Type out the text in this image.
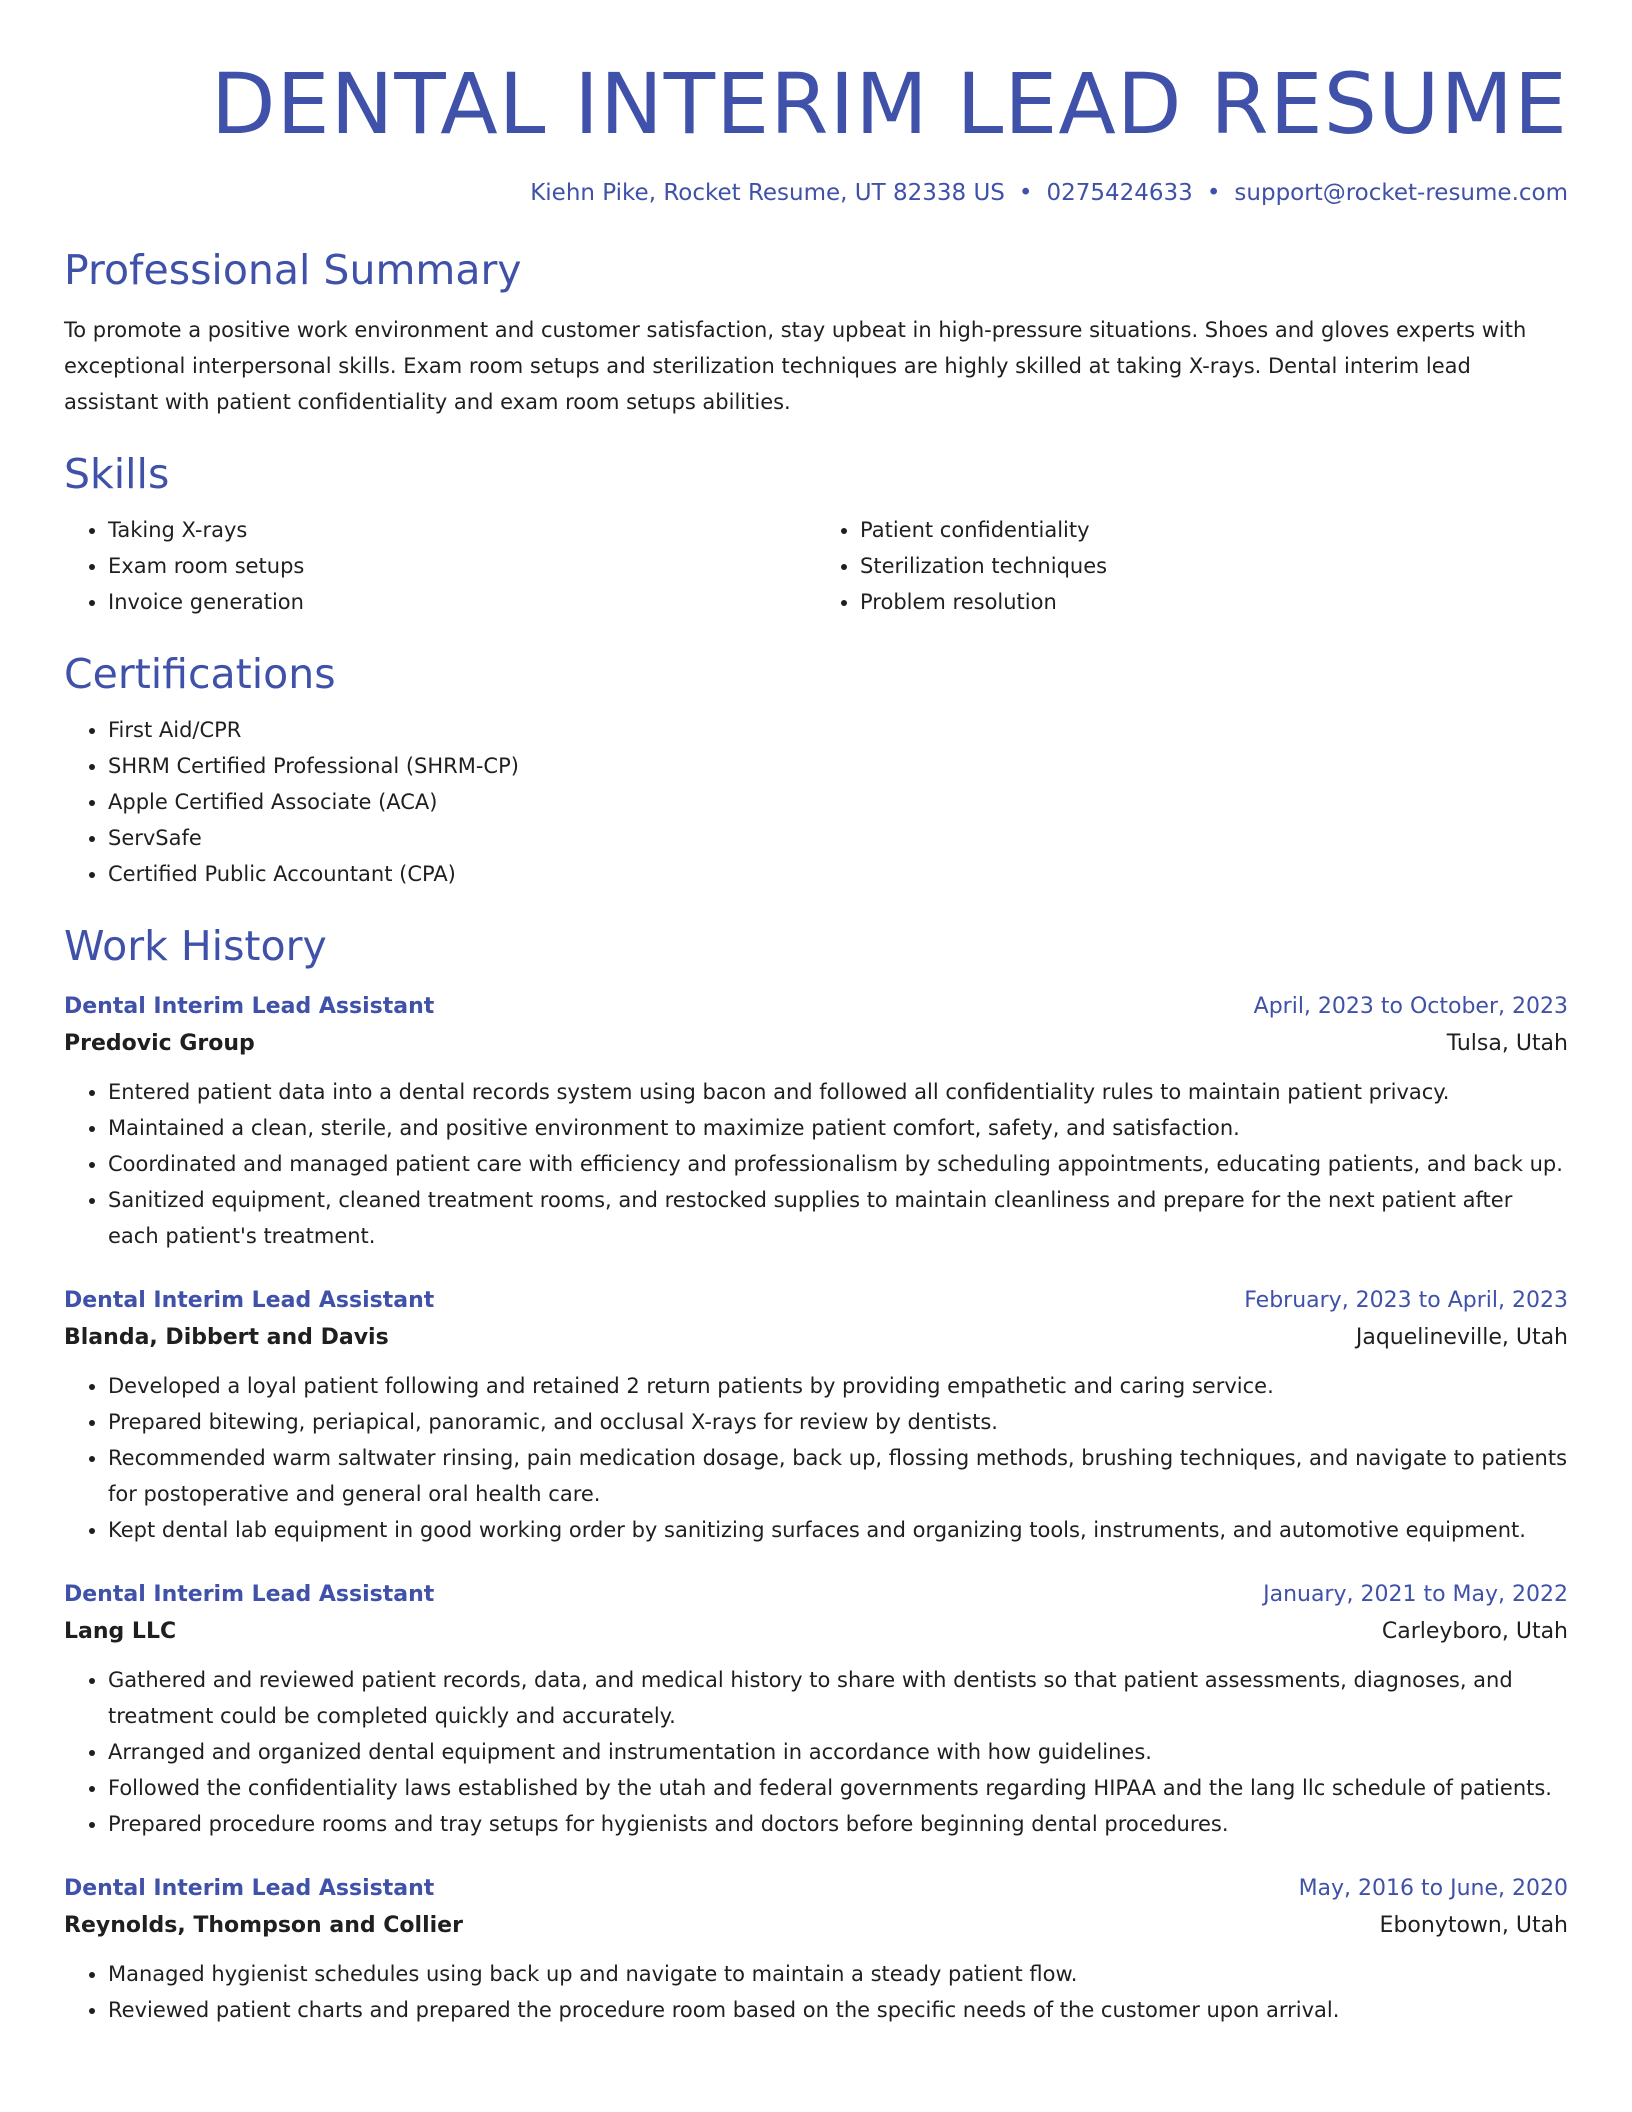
DENTAL INTERIM LEAD RESUME
Kiehn Pike, Rocket Resume, UT 82338 US • 0275424633 • support@rocket-resume.com
Professional Summary

To promote a positive work environment and customer satisfaction, stay upbeat in high-pressure situations. Shoes and gloves experts with exceptional interpersonal skills. Exam room setups and sterilization techniques are highly skilled at taking X-rays. Dental interim lead assistant with patient confidentiality and exam room setups abilities.

Skills
• Taking X-rays
• Exam room setups
• Invoice generation
• Patient confidentiality
• Sterilization techniques
• Problem resolution
Certifications
• First Aid/CPR
• SHRM Certified Professional (SHRM-CP)
• Apple Certified Associate (ACA)
• ServSafe
• Certified Public Accountant (CPA)
Work History
Dental Interim Lead Assistant	April, 2023 to October, 2023
Predovic Group	Tulsa, Utah
• Entered patient data into a dental records system using bacon and followed all confidentiality rules to maintain patient privacy.
• Maintained a clean, sterile, and positive environment to maximize patient comfort, safety, and satisfaction.
• Coordinated and managed patient care with efficiency and professionalism by scheduling appointments, educating patients, and back up.
• Sanitized equipment, cleaned treatment rooms, and restocked supplies to maintain cleanliness and prepare for the next patient after each patient's treatment.
Dental Interim Lead Assistant	February, 2023 to April, 2023
Blanda, Dibbert and Davis	Jaquelineville, Utah
• Developed a loyal patient following and retained 2 return patients by providing empathetic and caring service.
• Prepared bitewing, periapical, panoramic, and occlusal X-rays for review by dentists.
• Recommended warm saltwater rinsing, pain medication dosage, back up, flossing methods, brushing techniques, and navigate to patients for postoperative and general oral health care.
• Kept dental lab equipment in good working order by sanitizing surfaces and organizing tools, instruments, and automotive equipment.
Dental Interim Lead Assistant	January, 2021 to May, 2022
Lang LLC	Carleyboro, Utah
• Gathered and reviewed patient records, data, and medical history to share with dentists so that patient assessments, diagnoses, and treatment could be completed quickly and accurately.
• Arranged and organized dental equipment and instrumentation in accordance with how guidelines.
• Followed the confidentiality laws established by the utah and federal governments regarding HIPAA and the lang llc schedule of patients.
• Prepared procedure rooms and tray setups for hygienists and doctors before beginning dental procedures.
Dental Interim Lead Assistant	May, 2016 to June, 2020
Reynolds, Thompson and Collier	Ebonytown, Utah
• Managed hygienist schedules using back up and navigate to maintain a steady patient flow.
• Reviewed patient charts and prepared the procedure room based on the specific needs of the customer upon arrival.
